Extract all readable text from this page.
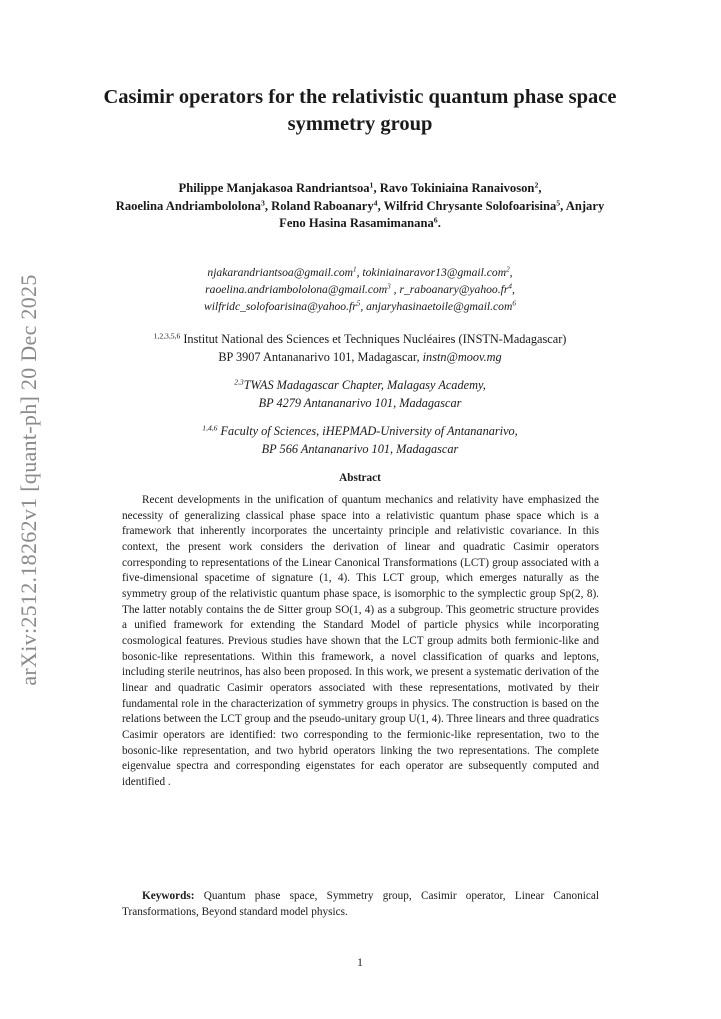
arXiv:2512.18262v1 [quant-ph] 20 Dec 2025
Casimir operators for the relativistic quantum phase space symmetry group
Philippe Manjakasoa Randriantsoa$^1$, Ravo Tokiniaina Ranaivoson$^2$,
Raoelina Andriambololona$^3$, Roland Raboanary$^4$, Wilfrid Chrysante Solofoarisina$^5$, Anjary Feno Hasina Rasamimanana$^6$.
njakarandriantsoa@gmail.com$^1$, tokiniainaravor13@gmail.com$^2$,
raoelina.andriambololona@gmail.com$^3$ , $r\_raboanary@yahoo.fr^4$,
$wilfridc\_solofoarisina@yahoo.fr^5$, anjaryhasinaetoile@gmail.com$^6$
$^{1,2,3,5,6}$ Institut National des Sciences et Techniques Nucléaires (INSTN-Madagascar)
BP 3907 Antananarivo 101, Madagascar, instn@moov.mg
$^{2,3}$TWAS Madagascar Chapter, Malagasy Academy,
BP 4279 Antananarivo 101, Madagascar
$^{1,4,6}$ Faculty of Sciences, iHEPMAD-University of Antananarivo,
BP 566 Antananarivo 101, Madagascar
Abstract

Recent developments in the unification of quantum mechanics and relativity have emphasized the necessity of generalizing classical phase space into a relativistic quantum phase space which is a framework that inherently incorporates the uncertainty principle and relativistic covariance. In this context, the present work considers the derivation of linear and quadratic Casimir operators corresponding to representations of the Linear Canonical Transformations (LCT) group associated with a five-dimensional spacetime of signature (1, 4). This LCT group, which emerges naturally as the symmetry group of the relativistic quantum phase space, is isomorphic to the symplectic group Sp(2, 8). The latter notably contains the de Sitter group SO(1, 4) as a subgroup. This geometric structure provides a unified framework for extending the Standard Model of particle physics while incorporating cosmological features. Previous studies have shown that the LCT group admits both fermionic-like and bosonic-like representations. Within this framework, a novel classification of quarks and leptons, including sterile neutrinos, has also been proposed. In this work, we present a systematic derivation of the linear and quadratic Casimir operators associated with these representations, motivated by their fundamental role in the characterization of symmetry groups in physics. The construction is based on the relations between the LCT group and the pseudo-unitary group U(1, 4). Three linears and three quadratics Casimir operators are identified: two corresponding to the fermionic-like representation, two to the bosonic-like representation, and two hybrid operators linking the two representations. The complete eigenvalue spectra and corresponding eigenstates for each operator are subsequently computed and identified .

Keywords: Quantum phase space, Symmetry group, Casimir operator, Linear Canonical Transformations, Beyond standard model physics.

1
